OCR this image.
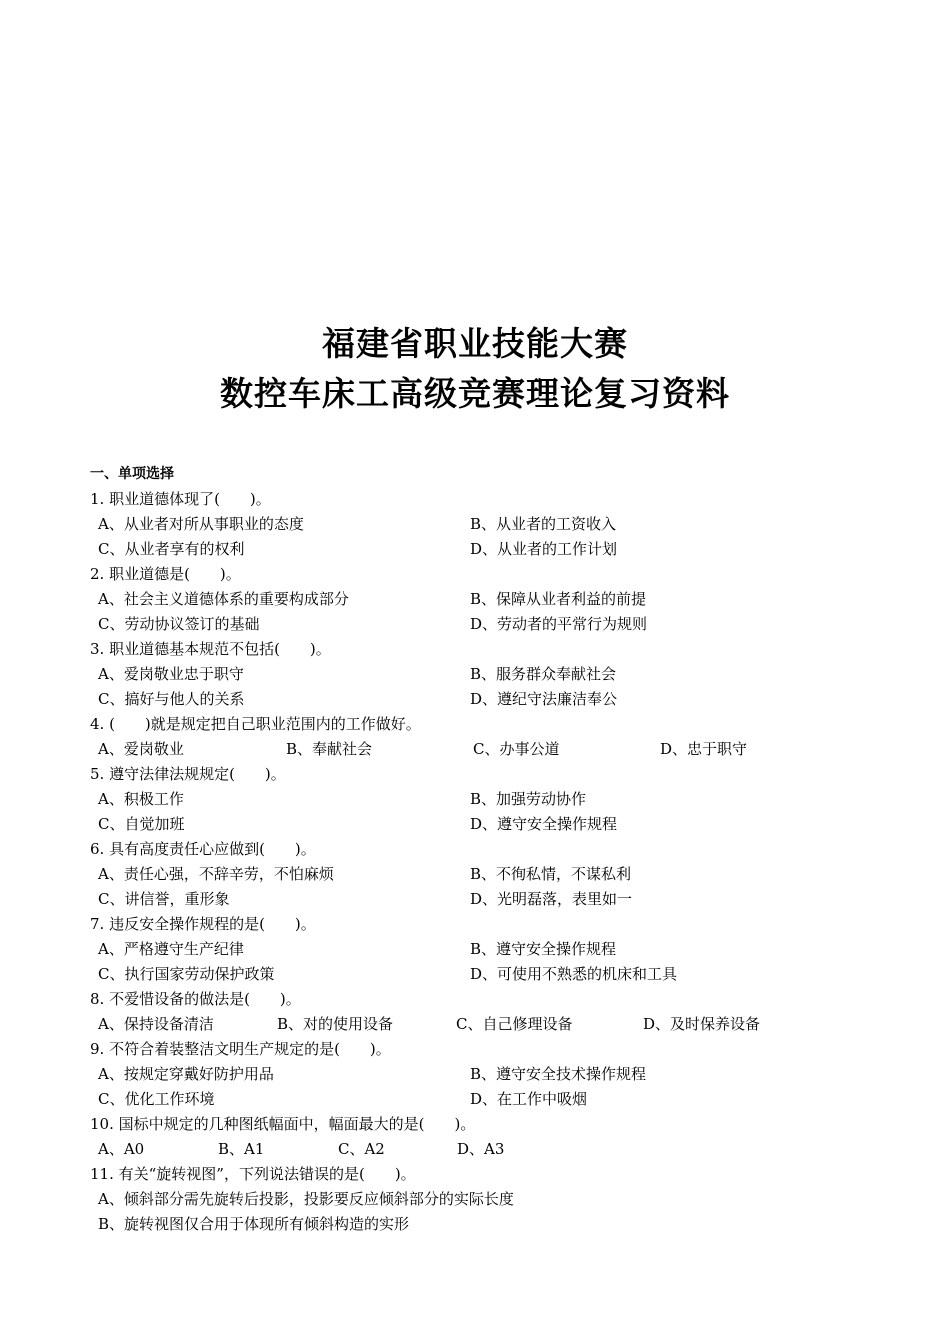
福建省职业技能大赛
数控车床工高级竞赛理论复习资料
一、单项选择
1. 职业道德体现了(　　)。
A、从业者对所从事职业的态度	B、从业者的工资收入
C、从业者享有的权利	D、从业者的工作计划
2. 职业道德是(　　)。
A、社会主义道德体系的重要构成部分	B、保障从业者利益的前提
C、劳动协议签订的基础	D、劳动者的平常行为规则
3. 职业道德基本规范不包括(　　)。
A、爱岗敬业忠于职守	B、服务群众奉献社会
C、搞好与他人的关系	D、遵纪守法廉洁奉公
4. (　　)就是规定把自己职业范围内的工作做好。
A、爱岗敬业	B、奉献社会	C、办事公道	D、忠于职守
5. 遵守法律法规规定(　　)。
A、积极工作	B、加强劳动协作
C、自觉加班	D、遵守安全操作规程
6. 具有高度责任心应做到(　　)。
A、责任心强，不辞辛劳，不怕麻烦	B、不徇私情，不谋私利
C、讲信誉，重形象	D、光明磊落，表里如一
7. 违反安全操作规程的是(　　)。
A、严格遵守生产纪律	B、遵守安全操作规程
C、执行国家劳动保护政策	D、可使用不熟悉的机床和工具
8. 不爱惜设备的做法是(　　)。
A、保持设备清洁	B、对的使用设备	C、自己修理设备	D、及时保养设备
9. 不符合着装整洁文明生产规定的是(　　)。
A、按规定穿戴好防护用品	B、遵守安全技术操作规程
C、优化工作环境	D、在工作中吸烟
10. 国标中规定的几种图纸幅面中，幅面最大的是(　　)。
A、A0	B、A1	C、A2	D、A3
11. 有关“旋转视图”，下列说法错误的是(　　)。
A、倾斜部分需先旋转后投影，投影要反应倾斜部分的实际长度
B、旋转视图仅合用于体现所有倾斜构造的实形
